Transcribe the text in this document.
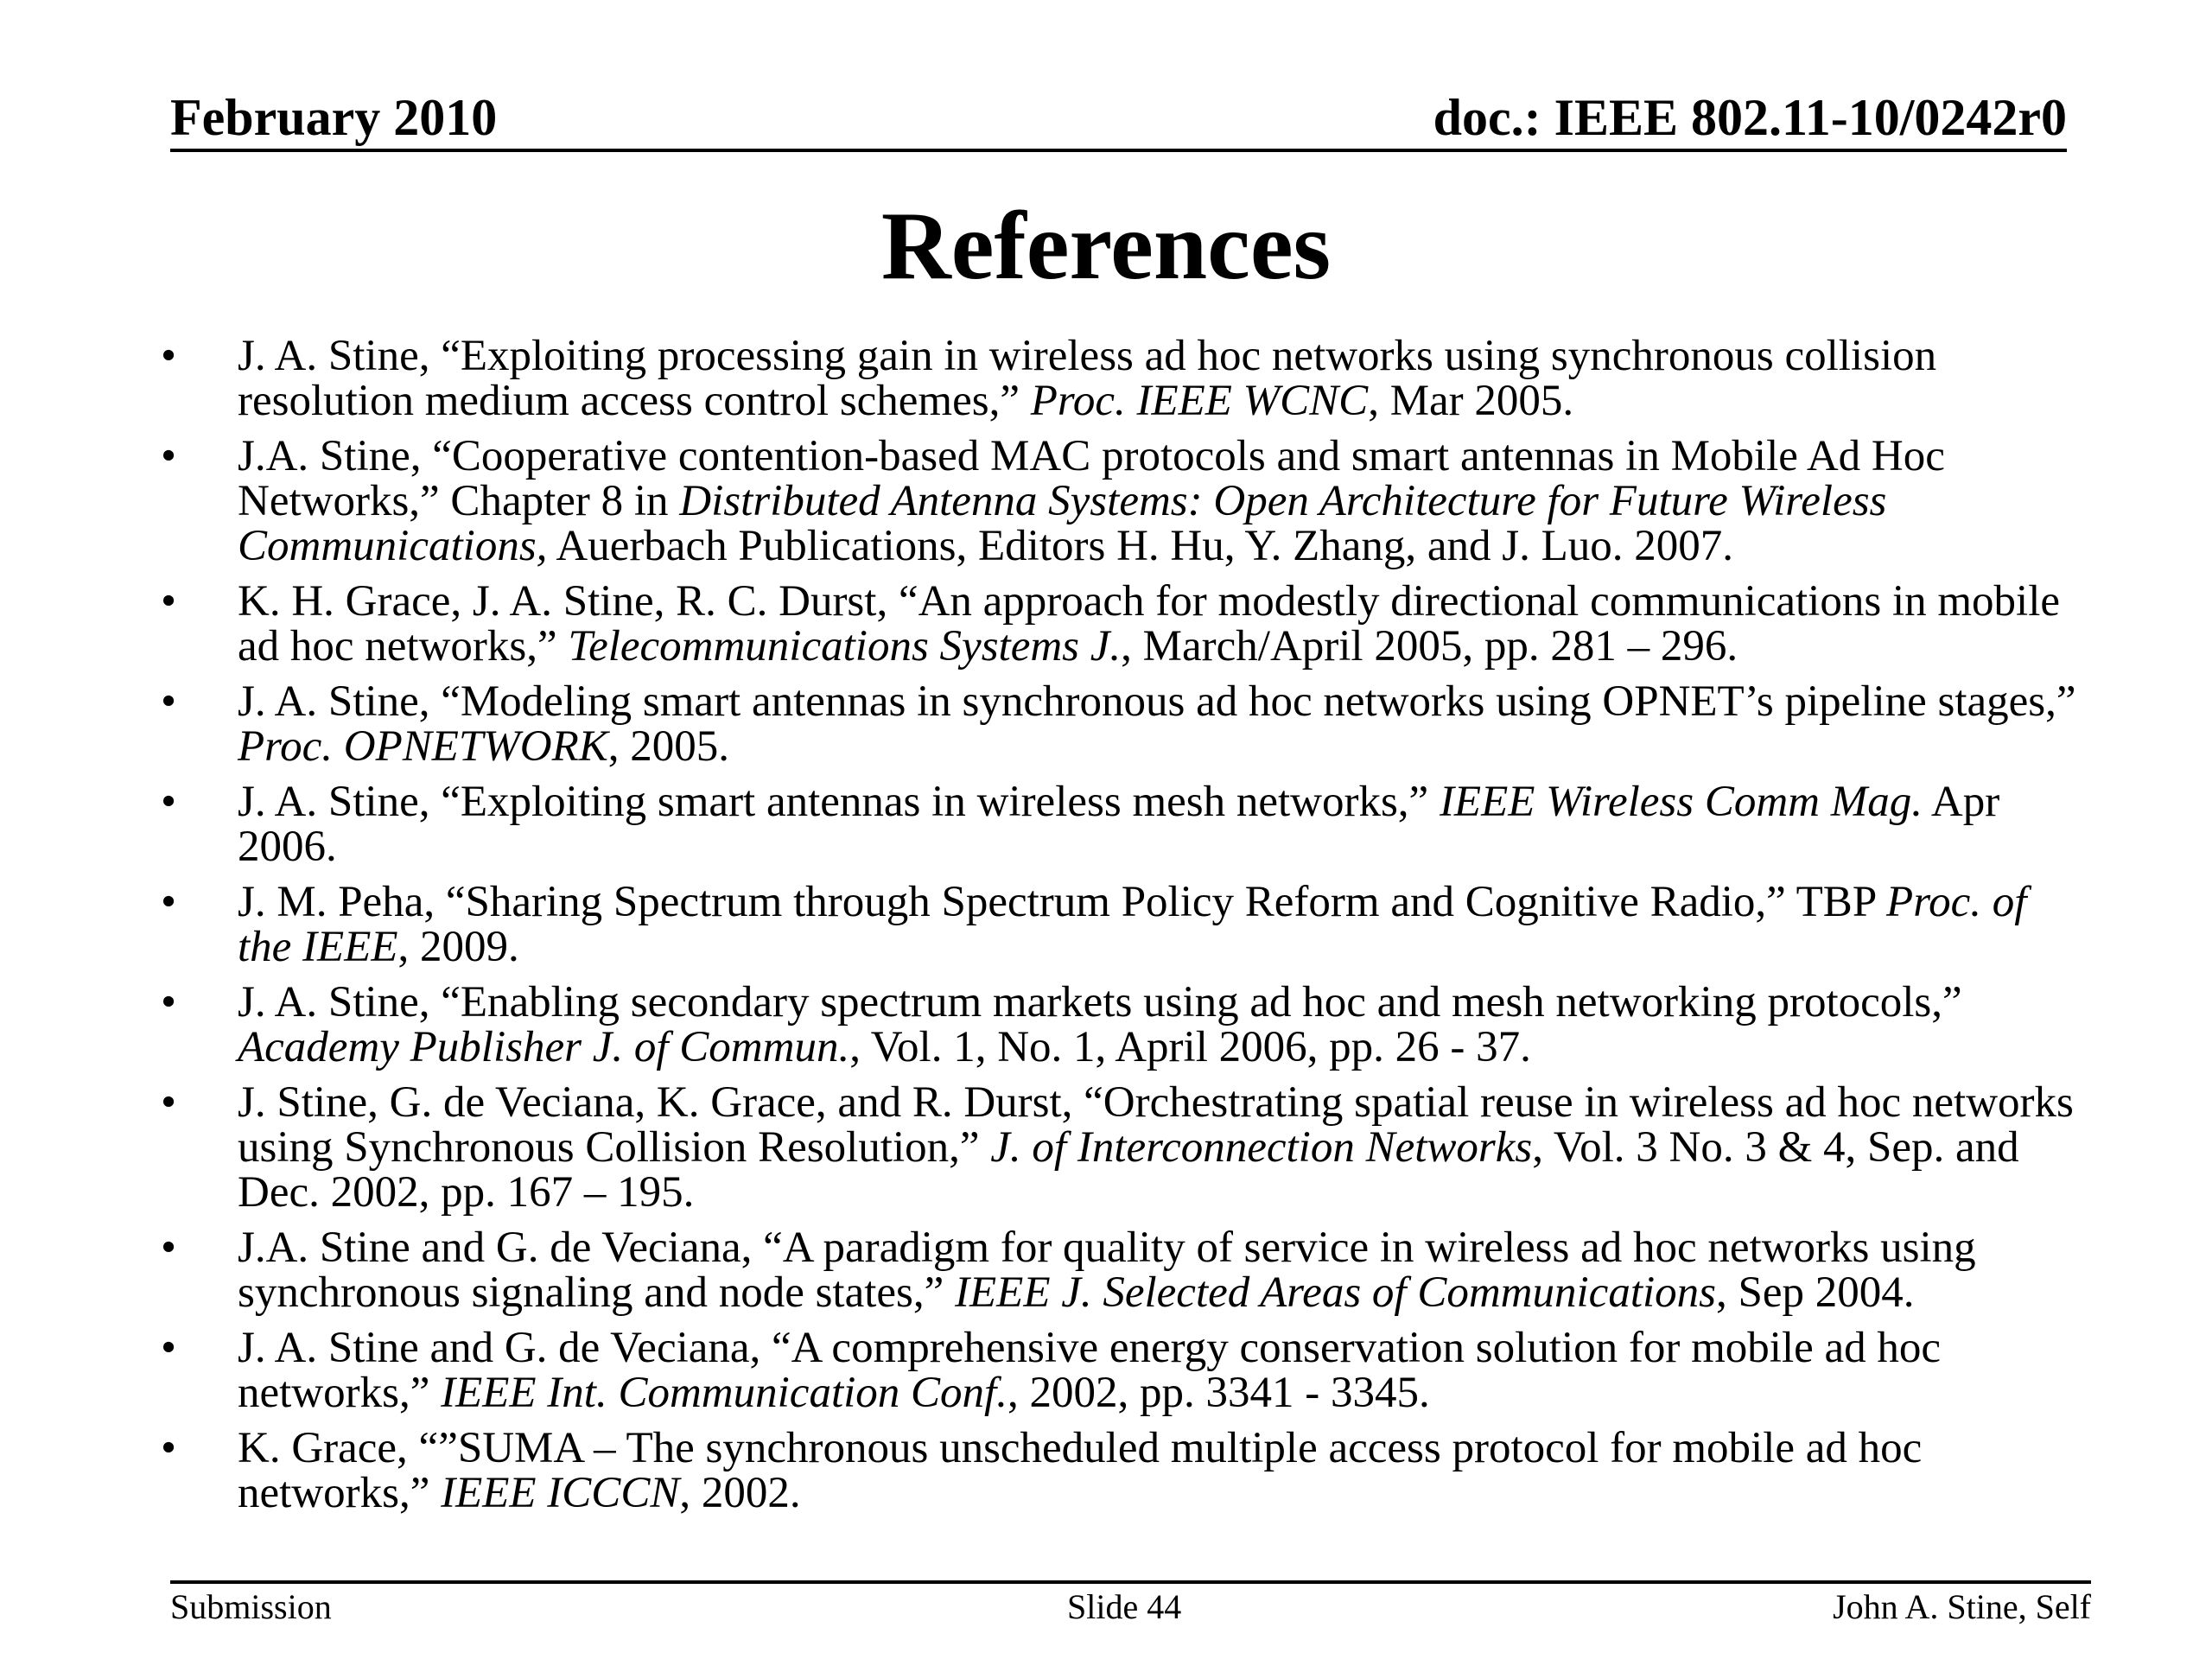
February 2010	doc.: IEEE 802.11-10/0242r0
References
• J. A. Stine, “Exploiting processing gain in wireless ad hoc networks using synchronous collision resolution medium access control schemes,” Proc. IEEE WCNC, Mar 2005.
• J.A. Stine, “Cooperative contention-based MAC protocols and smart antennas in Mobile Ad Hoc Networks,” Chapter 8 in Distributed Antenna Systems: Open Architecture for Future Wireless Communications, Auerbach Publications, Editors H. Hu, Y. Zhang, and J. Luo. 2007.
• K. H. Grace, J. A. Stine, R. C. Durst, “An approach for modestly directional communications in mobile ad hoc networks,” Telecommunications Systems J., March/April 2005, pp. 281 – 296.
• J. A. Stine, “Modeling smart antennas in synchronous ad hoc networks using OPNET’s pipeline stages,” Proc. OPNETWORK, 2005.
• J. A. Stine, “Exploiting smart antennas in wireless mesh networks,” IEEE Wireless Comm Mag. Apr 2006.
• J. M. Peha, “Sharing Spectrum through Spectrum Policy Reform and Cognitive Radio,” TBP Proc. of the IEEE, 2009.
• J. A. Stine, “Enabling secondary spectrum markets using ad hoc and mesh networking protocols,” Academy Publisher J. of Commun., Vol. 1, No. 1, April 2006, pp. 26 - 37.
• J. Stine, G. de Veciana, K. Grace, and R. Durst, “Orchestrating spatial reuse in wireless ad hoc networks using Synchronous Collision Resolution,” J. of Interconnection Networks, Vol. 3 No. 3 & 4, Sep. and Dec. 2002, pp. 167 – 195.
• J.A. Stine and G. de Veciana, “A paradigm for quality of service in wireless ad hoc networks using synchronous signaling and node states,” IEEE J. Selected Areas of Communications, Sep 2004.
• J. A. Stine and G. de Veciana, “A comprehensive energy conservation solution for mobile ad hoc networks,” IEEE Int. Communication Conf., 2002, pp. 3341 - 3345.
• K. Grace, “”SUMA – The synchronous unscheduled multiple access protocol for mobile ad hoc networks,” IEEE ICCCN, 2002.
Submission	Slide 44	John A. Stine, Self
